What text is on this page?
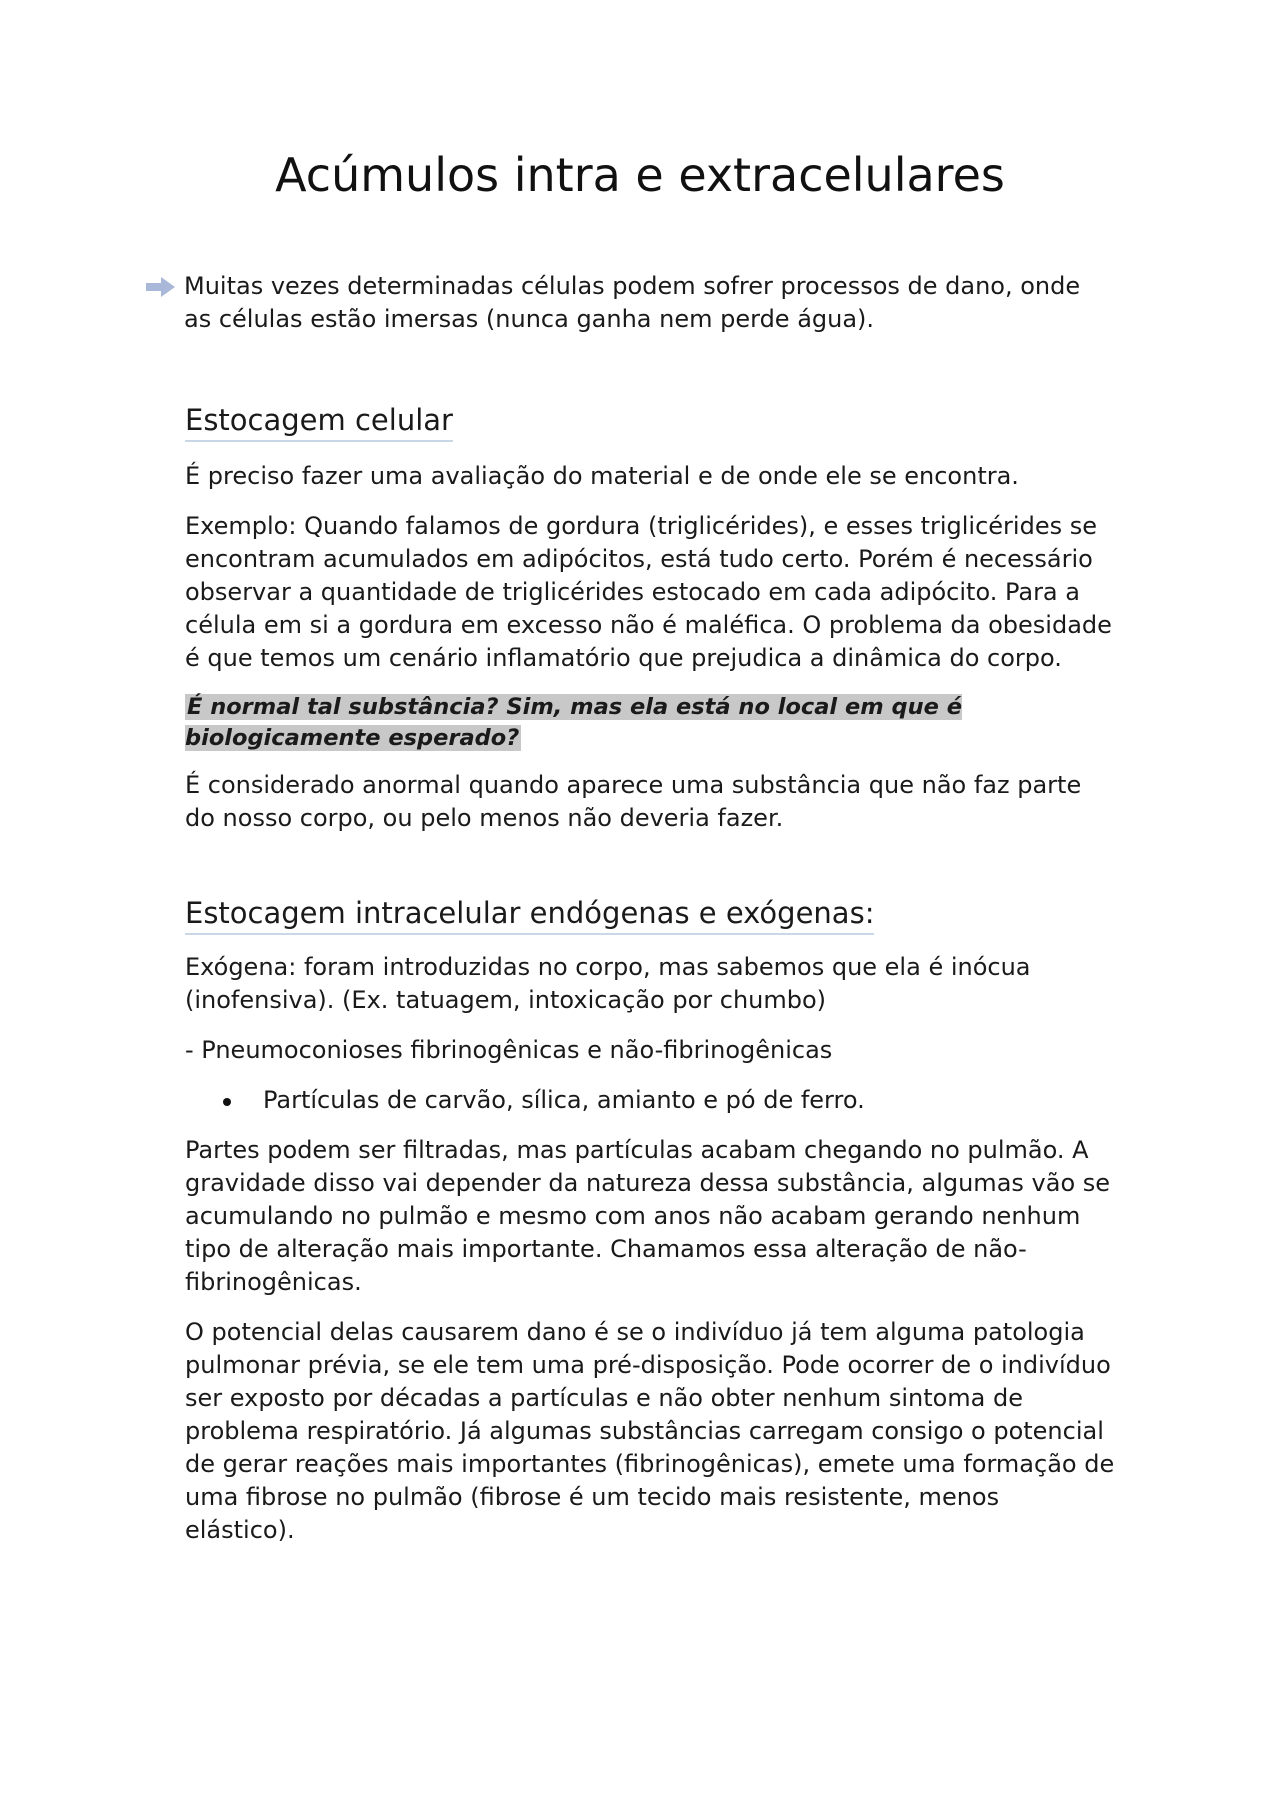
Acúmulos intra e extracelulares

Muitas vezes determinadas células podem sofrer processos de dano, onde as células estão imersas (nunca ganha nem perde água).

Estocagem celular

É preciso fazer uma avaliação do material e de onde ele se encontra.

Exemplo: Quando falamos de gordura (triglicérides), e esses triglicérides se encontram acumulados em adipócitos, está tudo certo. Porém é necessário observar a quantidade de triglicérides estocado em cada adipócito. Para a célula em si a gordura em excesso não é maléfica. O problema da obesidade é que temos um cenário inflamatório que prejudica a dinâmica do corpo.

É normal tal substância? Sim, mas ela está no local em que é biologicamente esperado?

É considerado anormal quando aparece uma substância que não faz parte do nosso corpo, ou pelo menos não deveria fazer.

Estocagem intracelular endógenas e exógenas:

Exógena: foram introduzidas no corpo, mas sabemos que ela é inócua (inofensiva). (Ex. tatuagem, intoxicação por chumbo)

- Pneumoconioses fibrinogênicas e não-fibrinogênicas

Partículas de carvão, sílica, amianto e pó de ferro.

Partes podem ser filtradas, mas partículas acabam chegando no pulmão. A gravidade disso vai depender da natureza dessa substância, algumas vão se acumulando no pulmão e mesmo com anos não acabam gerando nenhum tipo de alteração mais importante. Chamamos essa alteração de não-fibrinogênicas.

O potencial delas causarem dano é se o indivíduo já tem alguma patologia pulmonar prévia, se ele tem uma pré-disposição. Pode ocorrer de o indivíduo ser exposto por décadas a partículas e não obter nenhum sintoma de problema respiratório. Já algumas substâncias carregam consigo o potencial de gerar reações mais importantes (fibrinogênicas), emete uma formação de uma fibrose no pulmão (fibrose é um tecido mais resistente, menos elástico).
